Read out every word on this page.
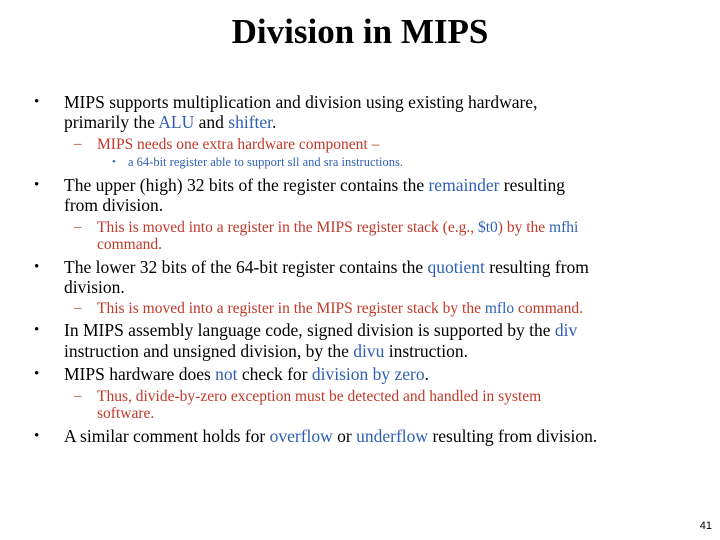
Division in MIPS
• MIPS supports multiplication and division using existing hardware,
primarily the ALU and shifter.
– MIPS needs one extra hardware component –
• a 64-bit register able to support sll and sra instructions.
• The upper (high) 32 bits of the register contains the remainder resulting
from division.
– This is moved into a register in the MIPS register stack (e.g., $t0) by the mfhi
command.
• The lower 32 bits of the 64-bit register contains the quotient resulting from
division.
– This is moved into a register in the MIPS register stack by the mflo command.
• In MIPS assembly language code, signed division is supported by the div
instruction and unsigned division, by the divu instruction.
• MIPS hardware does not check for division by zero.
– Thus, divide-by-zero exception must be detected and handled in system
software.
• A similar comment holds for overflow or underflow resulting from division.
41
